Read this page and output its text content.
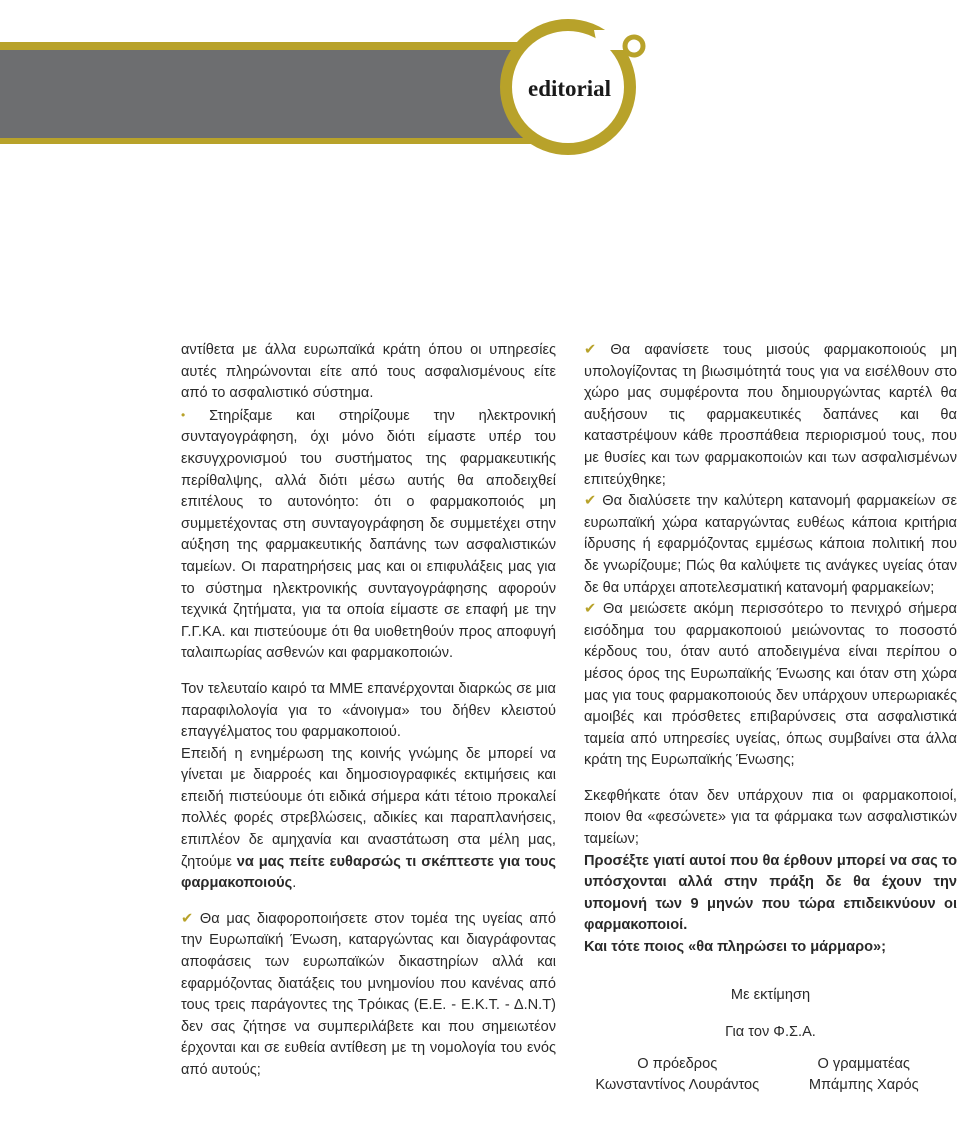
editorial

αντίθετα με άλλα ευρωπαϊκά κράτη όπου οι υπηρεσίες αυτές πληρώνονται είτε από τους ασφαλισμένους είτε από το ασφαλιστικό σύστημα.

• Στηρίξαμε και στηρίζουμε την ηλεκτρονική συνταγογράφηση, όχι μόνο διότι είμαστε υπέρ του εκσυγχρονισμού του συστήματος της φαρμακευτικής περίθαλψης, αλλά διότι μέσω αυτής θα αποδειχθεί επιτέλους το αυτονόητο: ότι ο φαρμακοποιός μη συμμετέχοντας στη συνταγογράφηση δε συμμετέχει στην αύξηση της φαρμακευτικής δαπάνης των ασφαλιστικών ταμείων. Οι παρατηρήσεις μας και οι επιφυλάξεις μας για το σύστημα ηλεκτρονικής συνταγογράφησης αφορούν τεχνικά ζητήματα, για τα οποία είμαστε σε επαφή με την Γ.Γ.ΚΑ. και πιστεύουμε ότι θα υιοθετηθούν προς αποφυγή ταλαιπωρίας ασθενών και φαρμακοποιών.

Τον τελευταίο καιρό τα ΜΜΕ επανέρχονται διαρκώς σε μια παραφιλολογία για το «άνοιγμα» του δήθεν κλειστού επαγγέλματος του φαρμακοποιού.

Επειδή η ενημέρωση της κοινής γνώμης δε μπορεί να γίνεται με διαρροές και δημοσιογραφικές εκτιμήσεις και επειδή πιστεύουμε ότι ειδικά σήμερα κάτι τέτοιο προκαλεί πολλές φορές στρεβλώσεις, αδικίες και παραπλανήσεις, επιπλέον δε αμηχανία και αναστάτωση στα μέλη μας, ζητούμε να μας πείτε ευθαρσώς τι σκέπτεστε για τους φαρμακοποιούς.

✔ Θα μας διαφοροποιήσετε στον τομέα της υγείας από την Ευρωπαϊκή Ένωση, καταργώντας και διαγράφοντας αποφάσεις των ευρωπαϊκών δικαστηρίων αλλά και εφαρμόζοντας διατάξεις του μνημονίου που κανένας από τους τρεις παράγοντες της Τρόικας (Ε.Ε. - Ε.Κ.Τ. - Δ.Ν.Τ) δεν σας ζήτησε να συμπεριλάβετε και που σημειωτέον έρχονται και σε ευθεία αντίθεση με τη νομολογία του ενός από αυτούς;

✔ Θα αφανίσετε τους μισούς φαρμακοποιούς μη υπολογίζοντας τη βιωσιμότητά τους για να εισέλθουν στο χώρο μας συμφέροντα που δημιουργώντας καρτέλ θα αυξήσουν τις φαρμακευτικές δαπάνες και θα καταστρέψουν κάθε προσπάθεια περιορισμού τους, που με θυσίες και των φαρμακοποιών και των ασφαλισμένων επιτεύχθηκε;

✔ Θα διαλύσετε την καλύτερη κατανομή φαρμακείων σε ευρωπαϊκή χώρα καταργώντας ευθέως κάποια κριτήρια ίδρυσης ή εφαρμόζοντας εμμέσως κάποια πολιτική που δε γνωρίζουμε; Πώς θα καλύψετε τις ανάγκες υγείας όταν δε θα υπάρχει αποτελεσματική κατανομή φαρμακείων;

✔ Θα μειώσετε ακόμη περισσότερο το πενιχρό σήμερα εισόδημα του φαρμακοποιού μειώνοντας το ποσοστό κέρδους του, όταν αυτό αποδειγμένα είναι περίπου ο μέσος όρος της Ευρωπαϊκής Ένωσης και όταν στη χώρα μας για τους φαρμακοποιούς δεν υπάρχουν υπερωριακές αμοιβές και πρόσθετες επιβαρύνσεις στα ασφαλιστικά ταμεία από υπηρεσίες υγείας, όπως συμβαίνει στα άλλα κράτη της Ευρωπαϊκής Ένωσης;

Σκεφθήκατε όταν δεν υπάρχουν πια οι φαρμακοποιοί, ποιον θα «φεσώνετε» για τα φάρμακα των ασφαλιστικών ταμείων;

Προσέξτε γιατί αυτοί που θα έρθουν μπορεί να σας το υπόσχονται αλλά στην πράξη δε θα έχουν την υπομονή των 9 μηνών που τώρα επιδεικνύουν οι φαρμακοποιοί.

Και τότε ποιος «θα πληρώσει το μάρμαρο»;

Με εκτίμηση

Για τον Φ.Σ.Α.

Ο πρόεδρος
Κωνσταντίνος Λουράντος
Ο γραμματέας
Μπάμπης Χαρός
